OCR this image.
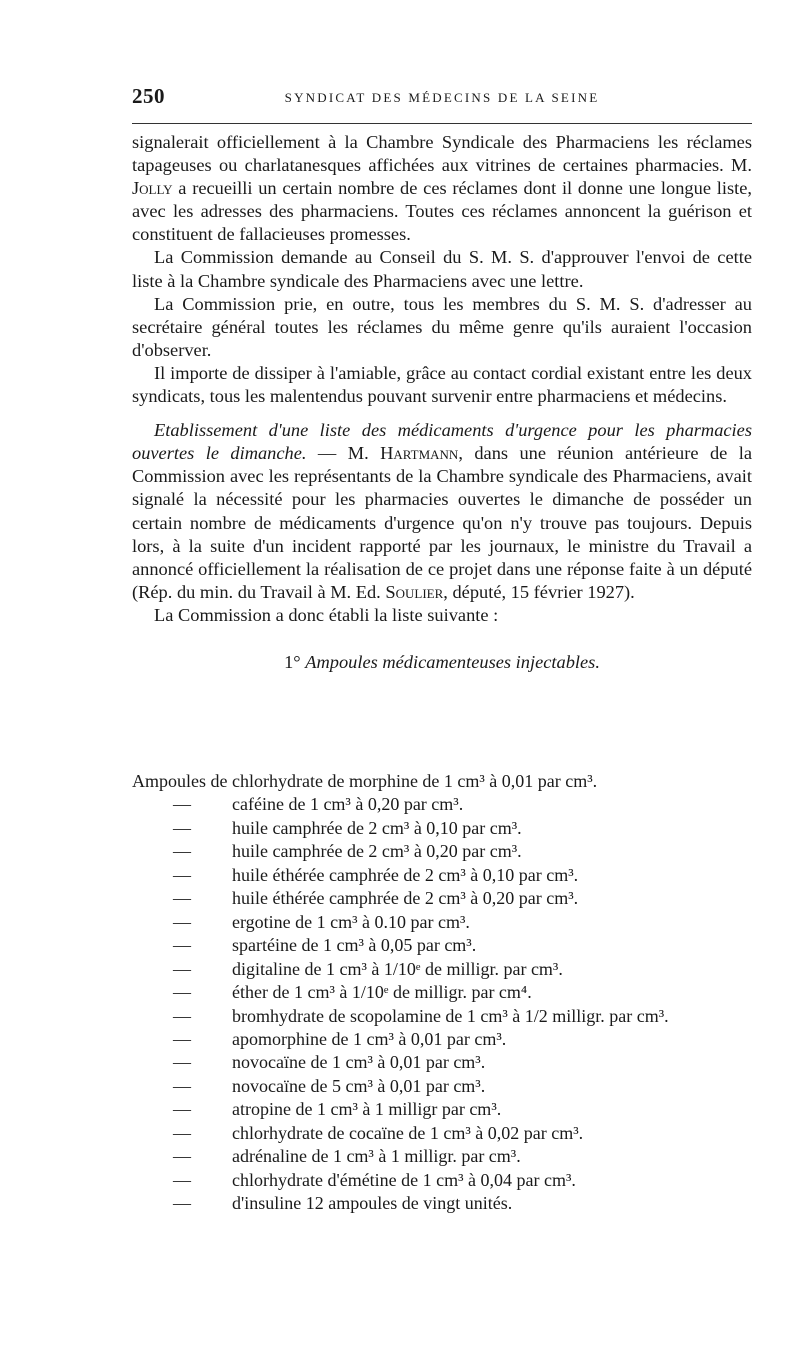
250	SYNDICAT DES MÉDECINS DE LA SEINE

signalerait officiellement à la Chambre Syndicale des Pharmaciens les réclames tapageuses ou charlatanesques affichées aux vitrines de certaines pharmacies. M. Jolly a recueilli un certain nombre de ces réclames dont il donne une longue liste, avec les adresses des pharmaciens. Toutes ces réclames annoncent la guérison et constituent de fallacieuses promesses.

La Commission demande au Conseil du S. M. S. d'approuver l'envoi de cette liste à la Chambre syndicale des Pharmaciens avec une lettre.

La Commission prie, en outre, tous les membres du S. M. S. d'adresser au secrétaire général toutes les réclames du même genre qu'ils auraient l'occasion d'observer.

Il importe de dissiper à l'amiable, grâce au contact cordial existant entre les deux syndicats, tous les malentendus pouvant survenir entre pharmaciens et médecins.

Etablissement d'une liste des médicaments d'urgence pour les pharmacies ouvertes le dimanche. — M. Hartmann, dans une réunion antérieure de la Commission avec les représentants de la Chambre syndicale des Pharmaciens, avait signalé la nécessité pour les pharmacies ouvertes le dimanche de posséder un certain nombre de médicaments d'urgence qu'on n'y trouve pas toujours. Depuis lors, à la suite d'un incident rapporté par les journaux, le ministre du Travail a annoncé officiellement la réalisation de ce projet dans une réponse faite à un député (Rép. du min. du Travail à M. Ed. Soulier, député, 15 février 1927).

La Commission a donc établi la liste suivante :

1° Ampoules médicamenteuses injectables.
Ampoules de chlorhydrate de morphine de 1 cm³ à 0,01 par cm³.
—	caféine de 1 cm³ à 0,20 par cm³.
—	huile camphrée de 2 cm³ à 0,10 par cm³.
—	huile camphrée de 2 cm³ à 0,20 par cm³.
—	huile éthérée camphrée de 2 cm³ à 0,10 par cm³.
—	huile éthérée camphrée de 2 cm³ à 0,20 par cm³.
—	ergotine de 1 cm³ à 0.10 par cm³.
—	spartéine de 1 cm³ à 0,05 par cm³.
—	digitaline de 1 cm³ à 1/10ᵉ de milligr. par cm³.
—	éther de 1 cm³ à 1/10ᵉ de milligr. par cm⁴.
—	bromhydrate de scopolamine de 1 cm³ à 1/2 milligr. par cm³.
—	apomorphine de 1 cm³ à 0,01 par cm³.
—	novocaïne de 1 cm³ à 0,01 par cm³.
—	novocaïne de 5 cm³ à 0,01 par cm³.
—	atropine de 1 cm³ à 1 milligr par cm³.
—	chlorhydrate de cocaïne de 1 cm³ à 0,02 par cm³.
—	adrénaline de 1 cm³ à 1 milligr. par cm³.
—	chlorhydrate d'émétine de 1 cm³ à 0,04 par cm³.
—	d'insuline 12 ampoules de vingt unités.
